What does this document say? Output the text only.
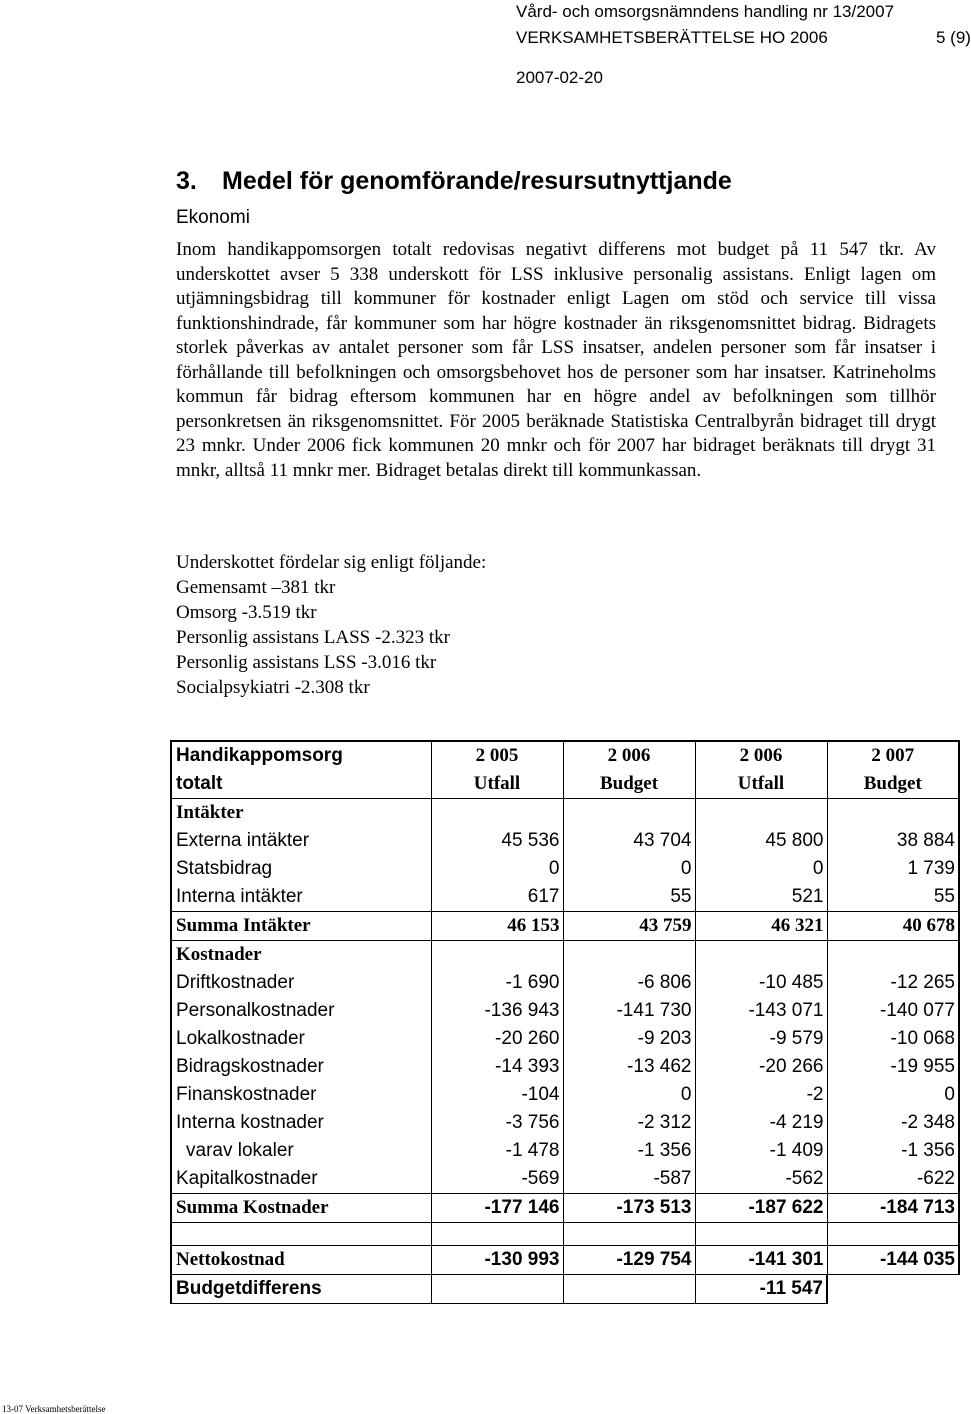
Vård- och omsorgsnämndens handling nr 13/2007
VERKSAMHETSBERÄTTELSE HO 2006	5 (9)
2007-02-20
3. Medel för genomförande/resursutnyttjande
Ekonomi

Inom handikappomsorgen totalt redovisas negativt differens mot budget på 11 547 tkr. Av underskottet avser 5 338 underskott för LSS inklusive personalig assistans. Enligt lagen om utjämningsbidrag till kommuner för kostnader enligt Lagen om stöd och service till vissa funktionshindrade, får kommuner som har högre kostnader än riksgenomsnittet bidrag. Bidragets storlek påverkas av antalet personer som får LSS insatser, andelen personer som får insatser i förhållande till befolkningen och omsorgsbehovet hos de personer som har insatser. Katrineholms kommun får bidrag eftersom kommunen har en högre andel av befolkningen som tillhör personkretsen än riksgenomsnittet. För 2005 beräknade Statistiska Centralbyrån bidraget till drygt 23 mnkr. Under 2006 fick kommunen 20 mnkr och för 2007 har bidraget beräknats till drygt 31 mnkr, alltså 11 mnkr mer. Bidraget betalas direkt till kommunkassan.

Underskottet fördelar sig enligt följande:
Gemensamt –381 tkr
Omsorg -3.519 tkr
Personlig assistans LASS -2.323 tkr
Personlig assistans LSS -3.016 tkr
Socialpsykiatri -2.308 tkr
Handikappomsorg	2 005	2 006	2 006	2 007
totalt	Utfall	Budget	Utfall	Budget
Intäkter				
Externa intäkter	45 536	43 704	45 800	38 884
Statsbidrag	0	0	0	1 739
Interna intäkter	617	55	521	55
Summa Intäkter	46 153	43 759	46 321	40 678
Kostnader				
Driftkostnader	-1 690	-6 806	-10 485	-12 265
Personalkostnader	-136 943	-141 730	-143 071	-140 077
Lokalkostnader	-20 260	-9 203	-9 579	-10 068
Bidragskostnader	-14 393	-13 462	-20 266	-19 955
Finanskostnader	-104	0	-2	0
Interna kostnader	-3 756	-2 312	-4 219	-2 348
varav lokaler	-1 478	-1 356	-1 409	-1 356
Kapitalkostnader	-569	-587	-562	-622
Summa Kostnader	-177 146	-173 513	-187 622	-184 713

Nettokostnad	-130 993	-129 754	-141 301	-144 035
Budgetdifferens			-11 547	
13-07 Verksamhetsberättelse
